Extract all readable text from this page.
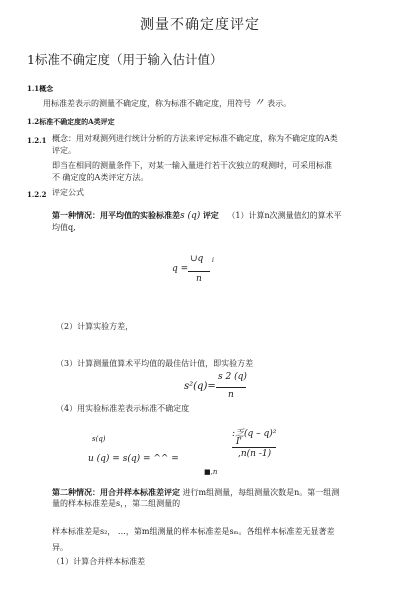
测量不确定度评定
1标准不确定度（用于输入估计值）
1.1概念
用标准差表示的测量不确定度，称为标准不确定度，用符号 〃 表示。
1.2标准不确定度的A类评定
1.2.1 概念：用对观测列进行统计分析的方法来评定标准不确定度，称为不确定度的A类
评定。
即当在相同的测量条件下，对某一输入量进行若干次独立的观测时，可采用标准
不 确定度的A类评定方法。
1.2.2 评定公式
第一种情况：用平均值的实验标准差s (q) 评定 （1）计算n次测量值幻的算术平
均值q,
∪q
q =
i
n
（2）计算实验方差，
（3）计算测量值算术平均值的最佳估计值，即实验方差
s 2 (q)
s²(q)=
n
（4）用实验标准差表示标准不确定度
s(q)
u (q) = s(q) = ^^ =
■,n
:乏(q – q)²
I'
,n(n -1)
第二种情况：用合并样本标准差评定 进行m组测量，每组测量次数是n。第一组测
量的样本标准差是s，，第二组测量的
样本标准差是s₂， …，第m组测量的样本标准差是sₘ。各组样本标准差无显著差
异。
（1）计算合并样本标准差
